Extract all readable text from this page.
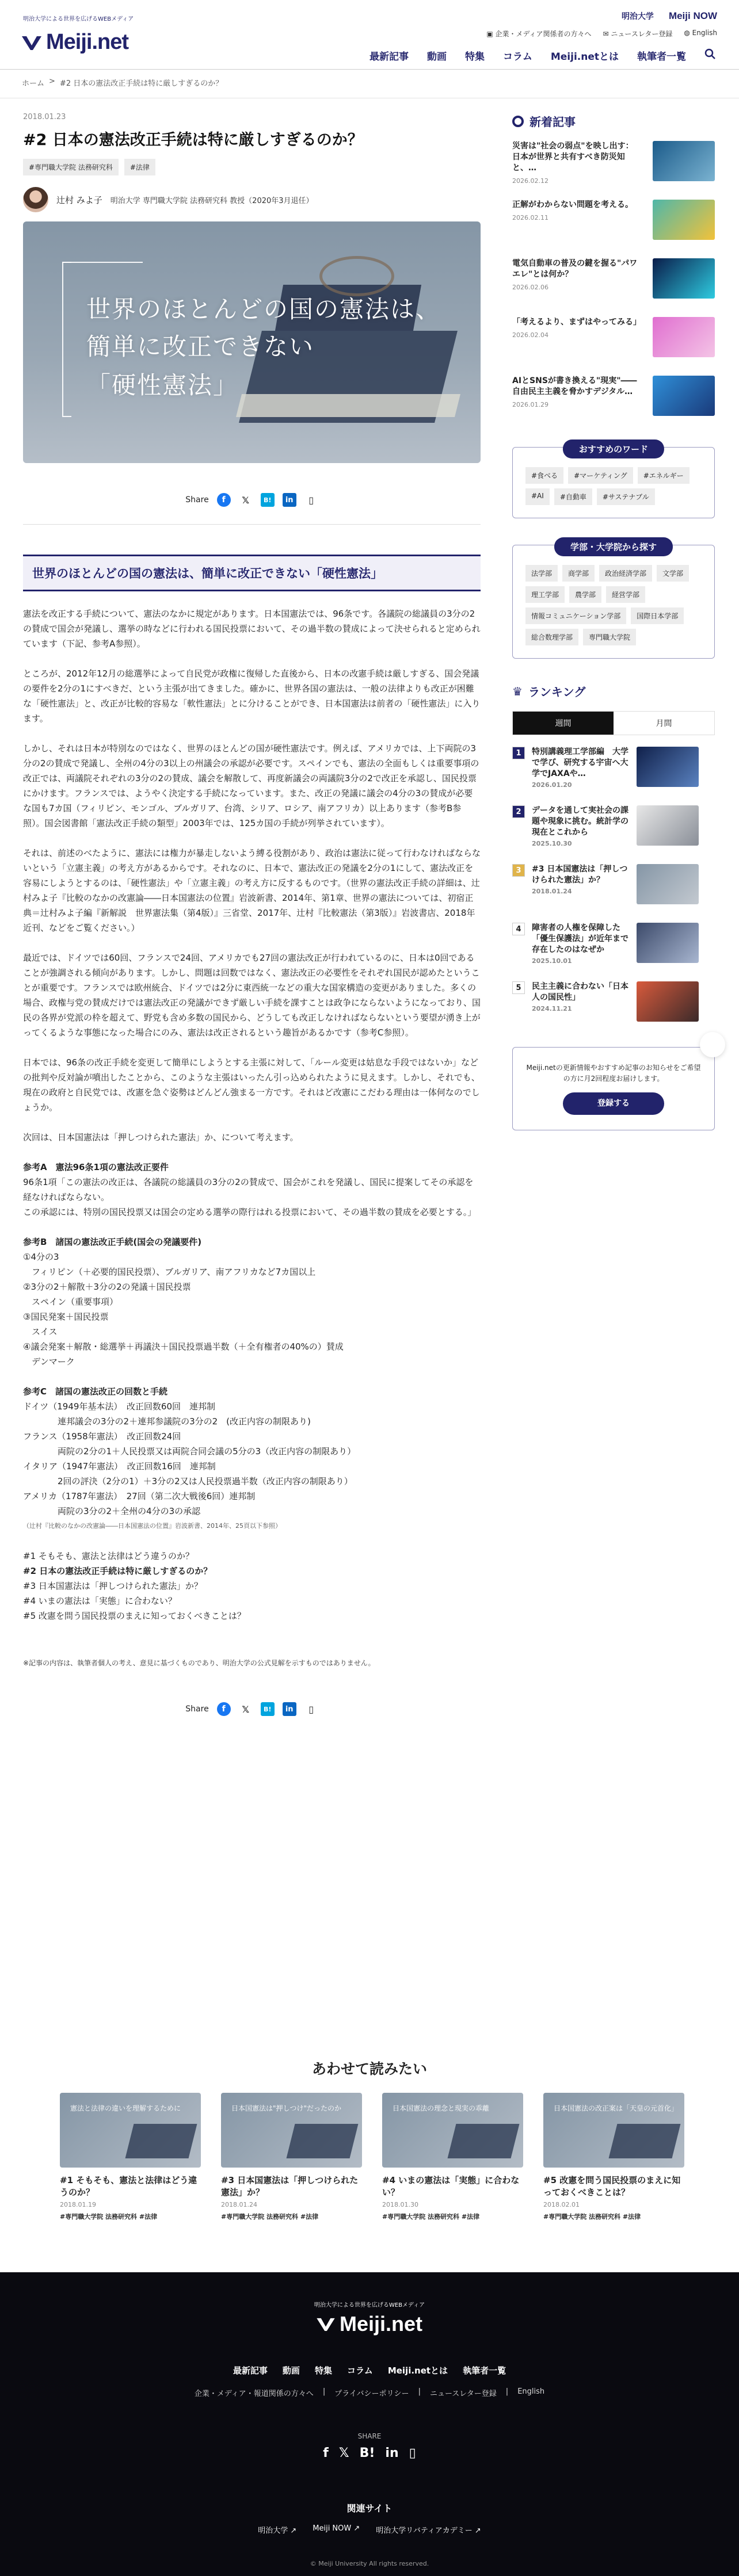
明治大学による世界を広げるWEBメディア
Meiji.net
明治大学 Meiji NOW
▣ 企業・メディア関係者の方々へ ✉ ニュースレター登録 ◍ English
最新記事 動画 特集 コラム Meiji.netとは 執筆者一覧
ホーム > #2 日本の憲法改正手続は特に厳しすぎるのか？
2018.01.23
#2 日本の憲法改正手続は特に厳しすぎるのか？
#専門職大学院 法務研究科	#法律
辻村 みよ子 明治大学 専門職大学院 法務研究科 教授（2020年3月退任）
世界のほとんどの国の憲法は、
簡単に改正できない
「硬性憲法」
Share	f	𝕏	B!	in	▯
世界のほとんどの国の憲法は、簡単に改正できない「硬性憲法」

憲法を改正する手続について、憲法のなかに規定があります。日本国憲法では、96条です。各議院の総議員の3分の2の賛成で国会が発議し、選挙の時などに行われる国民投票において、その過半数の賛成によって決せられると定められています（下記、参考A参照）。

ところが、2012年12月の総選挙によって自民党が政権に復帰した直後から、日本の改憲手続は厳しすぎる、国会発議の要件を2分の1にすべきだ、という主張が出てきました。確かに、世界各国の憲法は、一般の法律よりも改正が困難な「硬性憲法」と、改正が比較的容易な「軟性憲法」とに分けることができ、日本国憲法は前者の「硬性憲法」に入ります。

しかし、それは日本が特別なのではなく、世界のほとんどの国が硬性憲法です。例えば、アメリカでは、上下両院の3分の2の賛成で発議し、全州の4分の3以上の州議会の承認が必要です。スペインでも、憲法の全面もしくは重要事項の改正では、両議院それぞれの3分の2の賛成、議会を解散して、再度新議会の両議院3分の2で改正を承認し、国民投票にかけます。フランスでは、ようやく決定する手続になっています。また、改正の発議に議会の4分の3の賛成が必要な国も7カ国（フィリピン、モンゴル、ブルガリア、台湾、シリア、ロシア、南アフリカ）以上あります（参考B参照）。国会図書館「憲法改正手続の類型」2003年では、125カ国の手続が列挙されています）。

それは、前述のべたように、憲法には権力が暴走しないよう縛る役割があり、政治は憲法に従って行わなければならないという「立憲主義」の考え方があるからです。それなのに、日本で、憲法改正の発議を2分の1にして、憲法改正を容易にしようとするのは、「硬性憲法」や「立憲主義」の考え方に反するものです。（世界の憲法改正手続の詳細は、辻村みよ子『比較のなかの改憲論――日本国憲法の位置』岩波新書、2014年、第1章、世界の憲法については、初宿正典＝辻村みよ子編『新解説　世界憲法集（第4版）』三省堂、2017年、辻村『比較憲法（第3版）』岩波書店、2018年近刊、などをご覧ください。）

最近では、ドイツでは60回、フランスで24回、アメリカでも27回の憲法改正が行われているのに、日本は0回であることが強調される傾向があります。しかし、問題は回数ではなく、憲法改正の必要性をそれぞれ国民が認めたということが重要です。フランスでは欧州統合、ドイツでは2分に東西統一などの重大な国家構造の変更がありました。多くの場合、政権与党の賛成だけでは憲法改正の発議ができず厳しい手続を課すことは政争にならないようになっており、国民の各界が党派の枠を超えて、野党も含め多数の国民から、どうしても改正しなければならないという要望が湧き上がってくるような事態になった場合にのみ、憲法は改正されるという趣旨があるかです（参考C参照）。

日本では、96条の改正手続を変更して簡単にしようとする主張に対して、「ルール変更は姑息な手段ではないか」などの批判や反対論が噴出したことから、このような主張はいったん引っ込められたように見えます。しかし、それでも、現在の政府と自民党では、改憲を急ぐ姿勢はどんどん強まる一方です。それはど改憲にこだわる理由は一体何なのでしょうか。

次回は、日本国憲法は「押しつけられた憲法」か、について考えます。

参考A　憲法96条1項の憲法改正要件
96条1項「この憲法の改正は、各議院の総議員の3分の2の賛成で、国会がこれを発議し、国民に提案してその承認を経なければならない。
この承認には、特別の国民投票又は国会の定める選挙の際行はれる投票において、その過半数の賛成を必要とする。」
参考B　諸国の憲法改正手続(国会の発議要件)
①4分の3
　フィリピン（＋必要的国民投票）、ブルガリア、南アフリカなど7カ国以上
②3分の2＋解散＋3分の2の発議＋国民投票
　スペイン（重要事項）
③国民発案＋国民投票
　スイス
④議会発案＋解散・総選挙＋再議決＋国民投票過半数（＋全有権者の40%の）賛成
　デンマーク
参考C　諸国の憲法改正の回数と手続
ドイツ（1949年基本法）　改正回数60回　連邦制
　　　　連邦議会の3分の2＋連邦参議院の3分の2　(改正内容の制限あり)
フランス（1958年憲法）　改正回数24回
　　　　両院の2分の1＋人民投票又は両院合同会議の5分の3（改正内容の制限あり）
イタリア（1947年憲法）　改正回数16回　連邦制
　　　　2回の評決（2分の1）＋3分の2又は人民投票過半数（改正内容の制限あり）
アメリカ（1787年憲法）　27回（第二次大戦後6回）連邦制
　　　　両院の3分の2＋全州の4分の3の承認
（辻村『比較のなかの改憲論――日本国憲法の位置』岩波新書、2014年、25頁以下参照）
#1 そもそも、憲法と法律はどう違うのか？
#2 日本の憲法改正手続は特に厳しすぎるのか？
#3 日本国憲法は「押しつけられた憲法」か？
#4 いまの憲法は「実態」に合わない？
#5 改憲を問う国民投票のまえに知っておくべきことは？

※記事の内容は、執筆者個人の考え、意見に基づくものであり、明治大学の公式見解を示すものではありません。

Share	f	𝕏	B!	in	▯
新着記事
災害は"社会の弱点"を映し出す：日本が世界と共有すべき防災知と、…
2026.02.12
正解がわからない問題を考える。
2026.02.11
電気自動車の普及の鍵を握る"パワエレ"とは何か？
2026.02.06
「考えるより、まずはやってみる」
2026.02.04
AIとSNSが書き換える"現実"――自由民主主義を脅かすデジタル…
2026.01.29
おすすめのワード
#食べる	#マーケティング	#エネルギー
#AI	#自動車	#サステナブル
学部・大学院から探す
法学部	商学部	政治経済学部	文学部
理工学部	農学部	経営学部
情報コミュニケーション学部	国際日本学部
総合数理学部	専門職大学院
♛ ランキング
週間	月間
1	特別講義理工学部編　大学で学び、研究する宇宙へ大学でJAXAや…
2026.01.20
2	データを通して実社会の課題や現象に挑む。統計学の現在とこれから
2025.10.30
3	#3 日本国憲法は「押しつけられた憲法」か？
2018.01.24
4	障害者の人権を保障した「優生保護法」が近年まで存在したのはなぜか
2025.10.01
5	民主主義に合わない「日本人の国民性」
2024.11.21
Meiji.netの更新情報やおすすめ記事のお知らせをご希望の方に月2回程度お届けします。
登録する
あわせて読みたい
憲法と法律の違いを理解するために
#1 そもそも、憲法と法律はどう違うのか？
2018.01.19
#専門職大学院 法務研究科 #法律
日本国憲法は"押しつけ"だったのか
#3 日本国憲法は「押しつけられた憲法」か？
2018.01.24
#専門職大学院 法務研究科 #法律
日本国憲法の理念と現実の乖離
#4 いまの憲法は「実態」に合わない？
2018.01.30
#専門職大学院 法務研究科 #法律
日本国憲法の改正案は「天皇の元首化」
#5 改憲を問う国民投票のまえに知っておくべきことは？
2018.02.01
#専門職大学院 法務研究科 #法律
明治大学による世界を広げるWEBメディア
Meiji.net
最新記事 動画 特集 コラム Meiji.netとは 執筆者一覧
企業・メディア・報道関係の方々へ | プライバシーポリシー | ニュースレター登録 | English
SHARE
f 𝕏 B! in ▯
関連サイト
明治大学 ↗ Meiji NOW ↗ 明治大学リバティアカデミー ↗
© Meiji University All rights reserved.
